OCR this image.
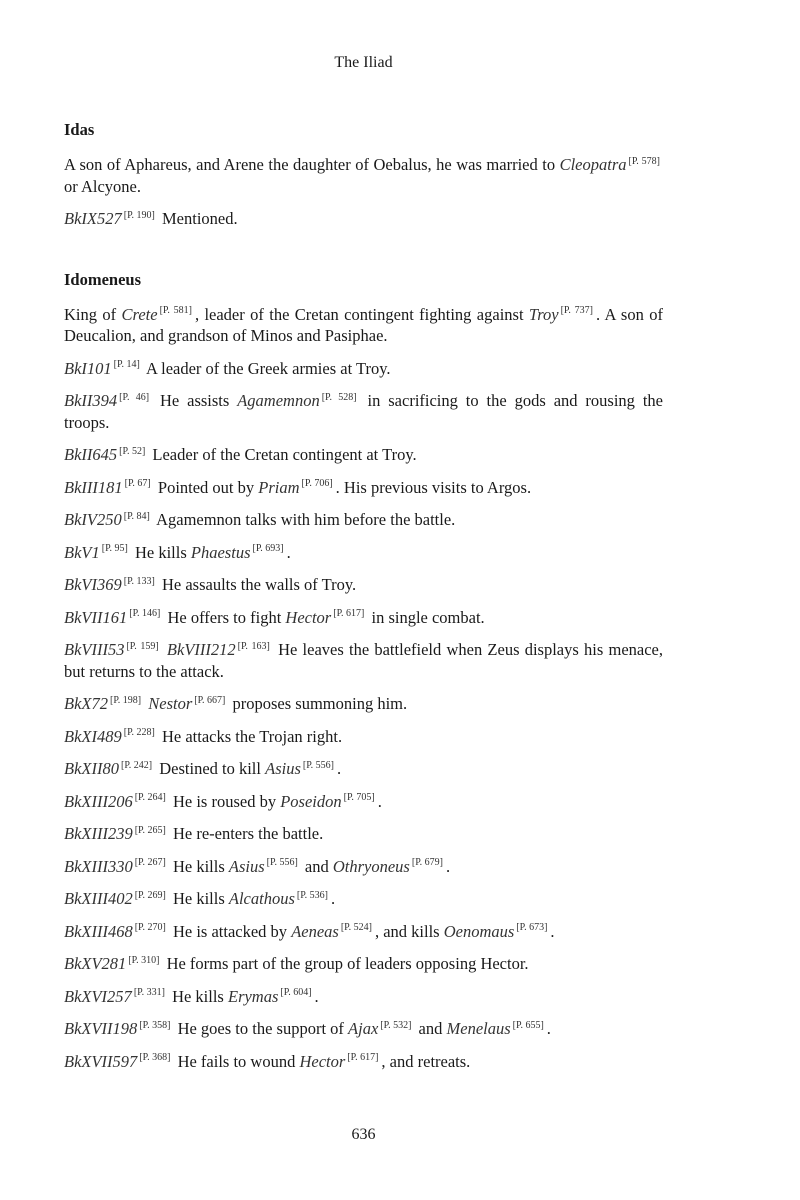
The Iliad
Idas

A son of Aphareus, and Arene the daughter of Oebalus, he was married to Cleopatra [P. 578] or Alcyone.

BkIX527 [P. 190] Mentioned.

Idomeneus

King of Crete [P. 581] , leader of the Cretan contingent fighting against Troy [P. 737] . A son of Deucalion, and grandson of Minos and Pasiphae.

BkI101 [P. 14] A leader of the Greek armies at Troy.

BkII394 [P. 46] He assists Agamemnon [P. 528] in sacrificing to the gods and rousing the troops.

BkII645 [P. 52] Leader of the Cretan contingent at Troy.

BkIII181 [P. 67] Pointed out by Priam [P. 706] . His previous visits to Argos.

BkIV250 [P. 84] Agamemnon talks with him before the battle.

BkV1 [P. 95] He kills Phaestus [P. 693] .

BkVI369 [P. 133] He assaults the walls of Troy.

BkVII161 [P. 146] He offers to fight Hector [P. 617] in single combat.

BkVIII53 [P. 159] BkVIII212 [P. 163] He leaves the battlefield when Zeus displays his menace, but returns to the attack.

BkX72 [P. 198] Nestor [P. 667] proposes summoning him.

BkXI489 [P. 228] He attacks the Trojan right.

BkXII80 [P. 242] Destined to kill Asius [P. 556] .

BkXIII206 [P. 264] He is roused by Poseidon [P. 705] .

BkXIII239 [P. 265] He re-enters the battle.

BkXIII330 [P. 267] He kills Asius [P. 556] and Othryoneus [P. 679] .

BkXIII402 [P. 269] He kills Alcathous [P. 536] .

BkXIII468 [P. 270] He is attacked by Aeneas [P. 524] , and kills Oenomaus [P. 673] .

BkXV281 [P. 310] He forms part of the group of leaders opposing Hector.

BkXVI257 [P. 331] He kills Erymas [P. 604] .

BkXVII198 [P. 358] He goes to the support of Ajax [P. 532] and Menelaus [P. 655] .

BkXVII597 [P. 368] He fails to wound Hector [P. 617] , and retreats.

636
